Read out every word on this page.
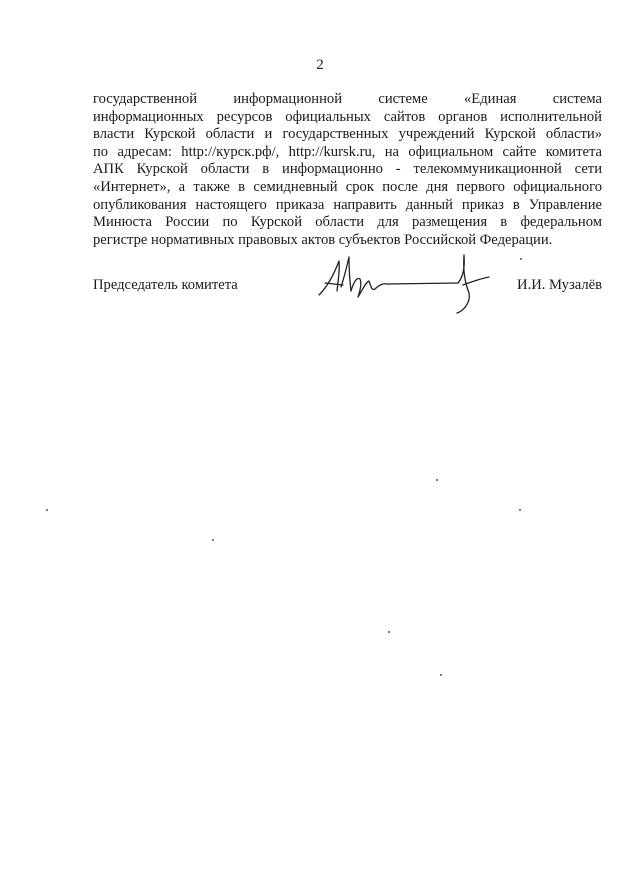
2
государственной информационной системе «Единая система
информационных ресурсов официальных сайтов органов исполнительной
власти Курской области и государственных учреждений Курской области»
по адресам: http://курск.рф/, http://kursk.ru, на официальном сайте комитета
АПК Курской области в информационно - телекоммуникационной сети
«Интернет», а также в семидневный срок после дня первого официального
опубликования настоящего приказа направить данный приказ в Управление
Минюста России по Курской области для размещения в федеральном
регистре нормативных правовых актов субъектов Российской Федерации.
Председатель комитета	И.И. Музалёв
